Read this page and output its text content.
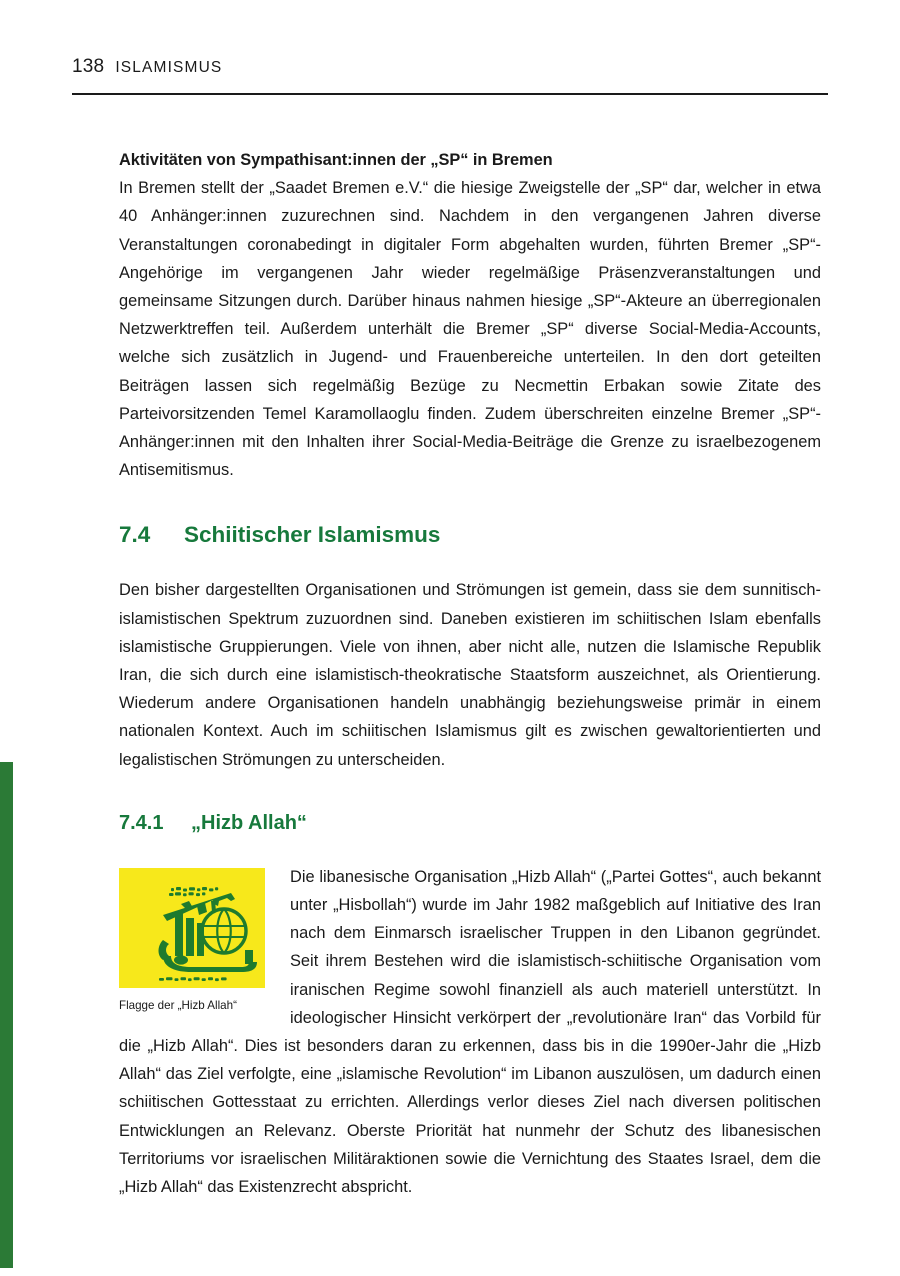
138 ISLAMISMUS
Aktivitäten von Sympathisant:innen der „SP“ in Bremen

In Bremen stellt der „Saadet Bremen e.V.“ die hiesige Zweigstelle der „SP“ dar, welcher in etwa 40 Anhänger:innen zuzurechnen sind. Nachdem in den vergangenen Jahren diverse Veranstaltungen coronabedingt in digitaler Form abgehalten wurden, führten Bremer „SP“-Angehörige im vergangenen Jahr wieder regelmäßige Präsenzveranstaltungen und gemeinsame Sitzungen durch. Darüber hinaus nahmen hiesige „SP“-Akteure an überregionalen Netzwerktreffen teil. Außerdem unterhält die Bremer „SP“ diverse Social-Media-Accounts, welche sich zusätzlich in Jugend- und Frauenbereiche unterteilen. In den dort geteilten Beiträgen lassen sich regelmäßig Bezüge zu Necmettin Erbakan sowie Zitate des Parteivorsitzenden Temel Karamollaoglu finden. Zudem überschreiten einzelne Bremer „SP“-Anhänger:innen mit den Inhalten ihrer Social-Media-Beiträge die Grenze zu israelbezogenem Antisemitismus.

7.4	Schiitischer Islamismus

Den bisher dargestellten Organisationen und Strömungen ist gemein, dass sie dem sunnitisch-islamistischen Spektrum zuzuordnen sind. Daneben existieren im schiitischen Islam ebenfalls islamistische Gruppierungen. Viele von ihnen, aber nicht alle, nutzen die Islamische Republik Iran, die sich durch eine islamistisch-theokratische Staatsform auszeichnet, als Orientierung. Wiederum andere Organisationen handeln unabhängig beziehungsweise primär in einem nationalen Kontext. Auch im schiitischen Islamismus gilt es zwischen gewaltorientierten und legalistischen Strömungen zu unterscheiden.

7.4.1	„Hizb Allah“
Flagge der „Hizb Allah“

Die libanesische Organisation „Hizb Allah“ („Partei Gottes“, auch bekannt unter „Hisbollah“) wurde im Jahr 1982 maßgeblich auf Initiative des Iran nach dem Einmarsch israelischer Truppen in den Libanon gegründet. Seit ihrem Bestehen wird die islamistisch-schiitische Organisation vom iranischen Regime sowohl finanziell als auch materiell unterstützt. In ideologischer Hinsicht verkörpert der „revolutionäre Iran“ das Vorbild für die „Hizb Allah“. Dies ist besonders daran zu erkennen, dass bis in die 1990er-Jahr die „Hizb Allah“ das Ziel verfolgte, eine „islamische Revolution“ im Libanon auszulösen, um dadurch einen schiitischen Gottesstaat zu errichten. Allerdings verlor dieses Ziel nach diversen politischen Entwicklungen an Relevanz. Oberste Priorität hat nunmehr der Schutz des libanesischen Territoriums vor israelischen Militäraktionen sowie die Vernichtung des Staates Israel, dem die „Hizb Allah“ das Existenzrecht abspricht.
